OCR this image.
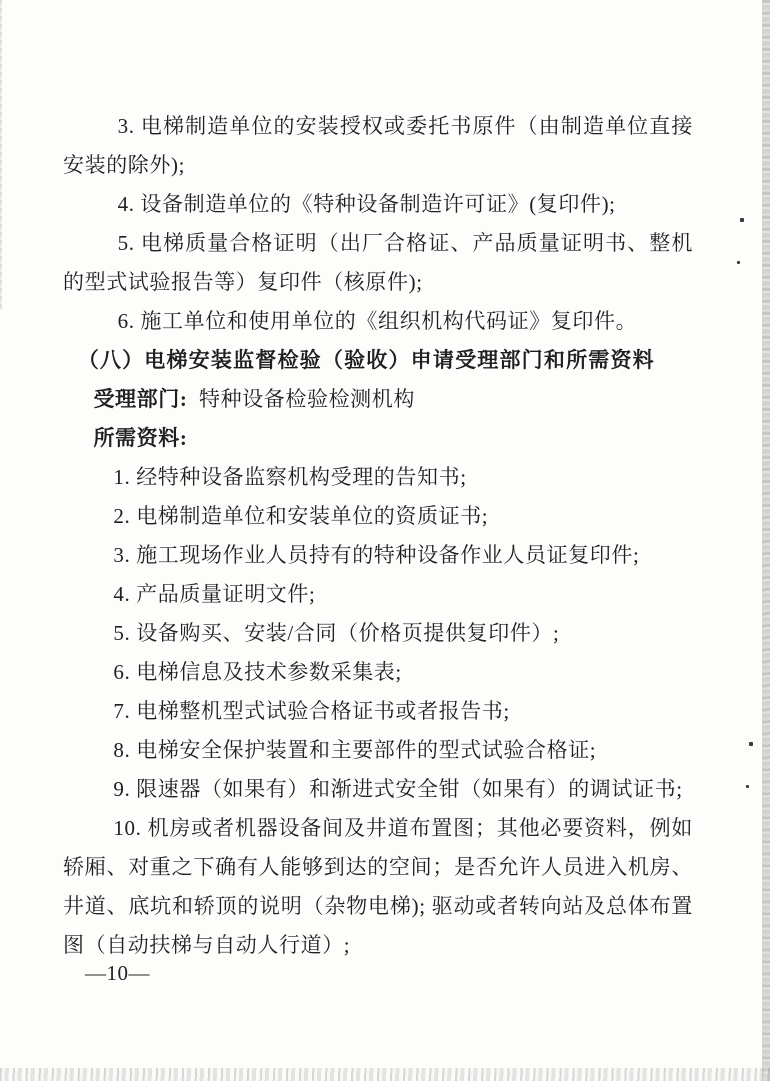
3. 电梯制造单位的安装授权或委托书原件（由制造单位直接安装的除外);

4. 设备制造单位的《特种设备制造许可证》(复印件);

5. 电梯质量合格证明（出厂合格证、产品质量证明书、整机的型式试验报告等）复印件（核原件);

6. 施工单位和使用单位的《组织机构代码证》复印件。

（八）电梯安装监督检验（验收）申请受理部门和所需资料

受理部门: 特种设备检验检测机构

所需资料:

1. 经特种设备监察机构受理的告知书;

2. 电梯制造单位和安装单位的资质证书;

3. 施工现场作业人员持有的特种设备作业人员证复印件;

4. 产品质量证明文件;

5. 设备购买、安装/合同（价格页提供复印件）;

6. 电梯信息及技术参数采集表;

7. 电梯整机型式试验合格证书或者报告书;

8. 电梯安全保护装置和主要部件的型式试验合格证;

9. 限速器（如果有）和渐进式安全钳（如果有）的调试证书;

10. 机房或者机器设备间及井道布置图；其他必要资料，例如轿厢、对重之下确有人能够到达的空间；是否允许人员进入机房、井道、底坑和轿顶的说明（杂物电梯); 驱动或者转向站及总体布置图（自动扶梯与自动人行道）;

—10—
